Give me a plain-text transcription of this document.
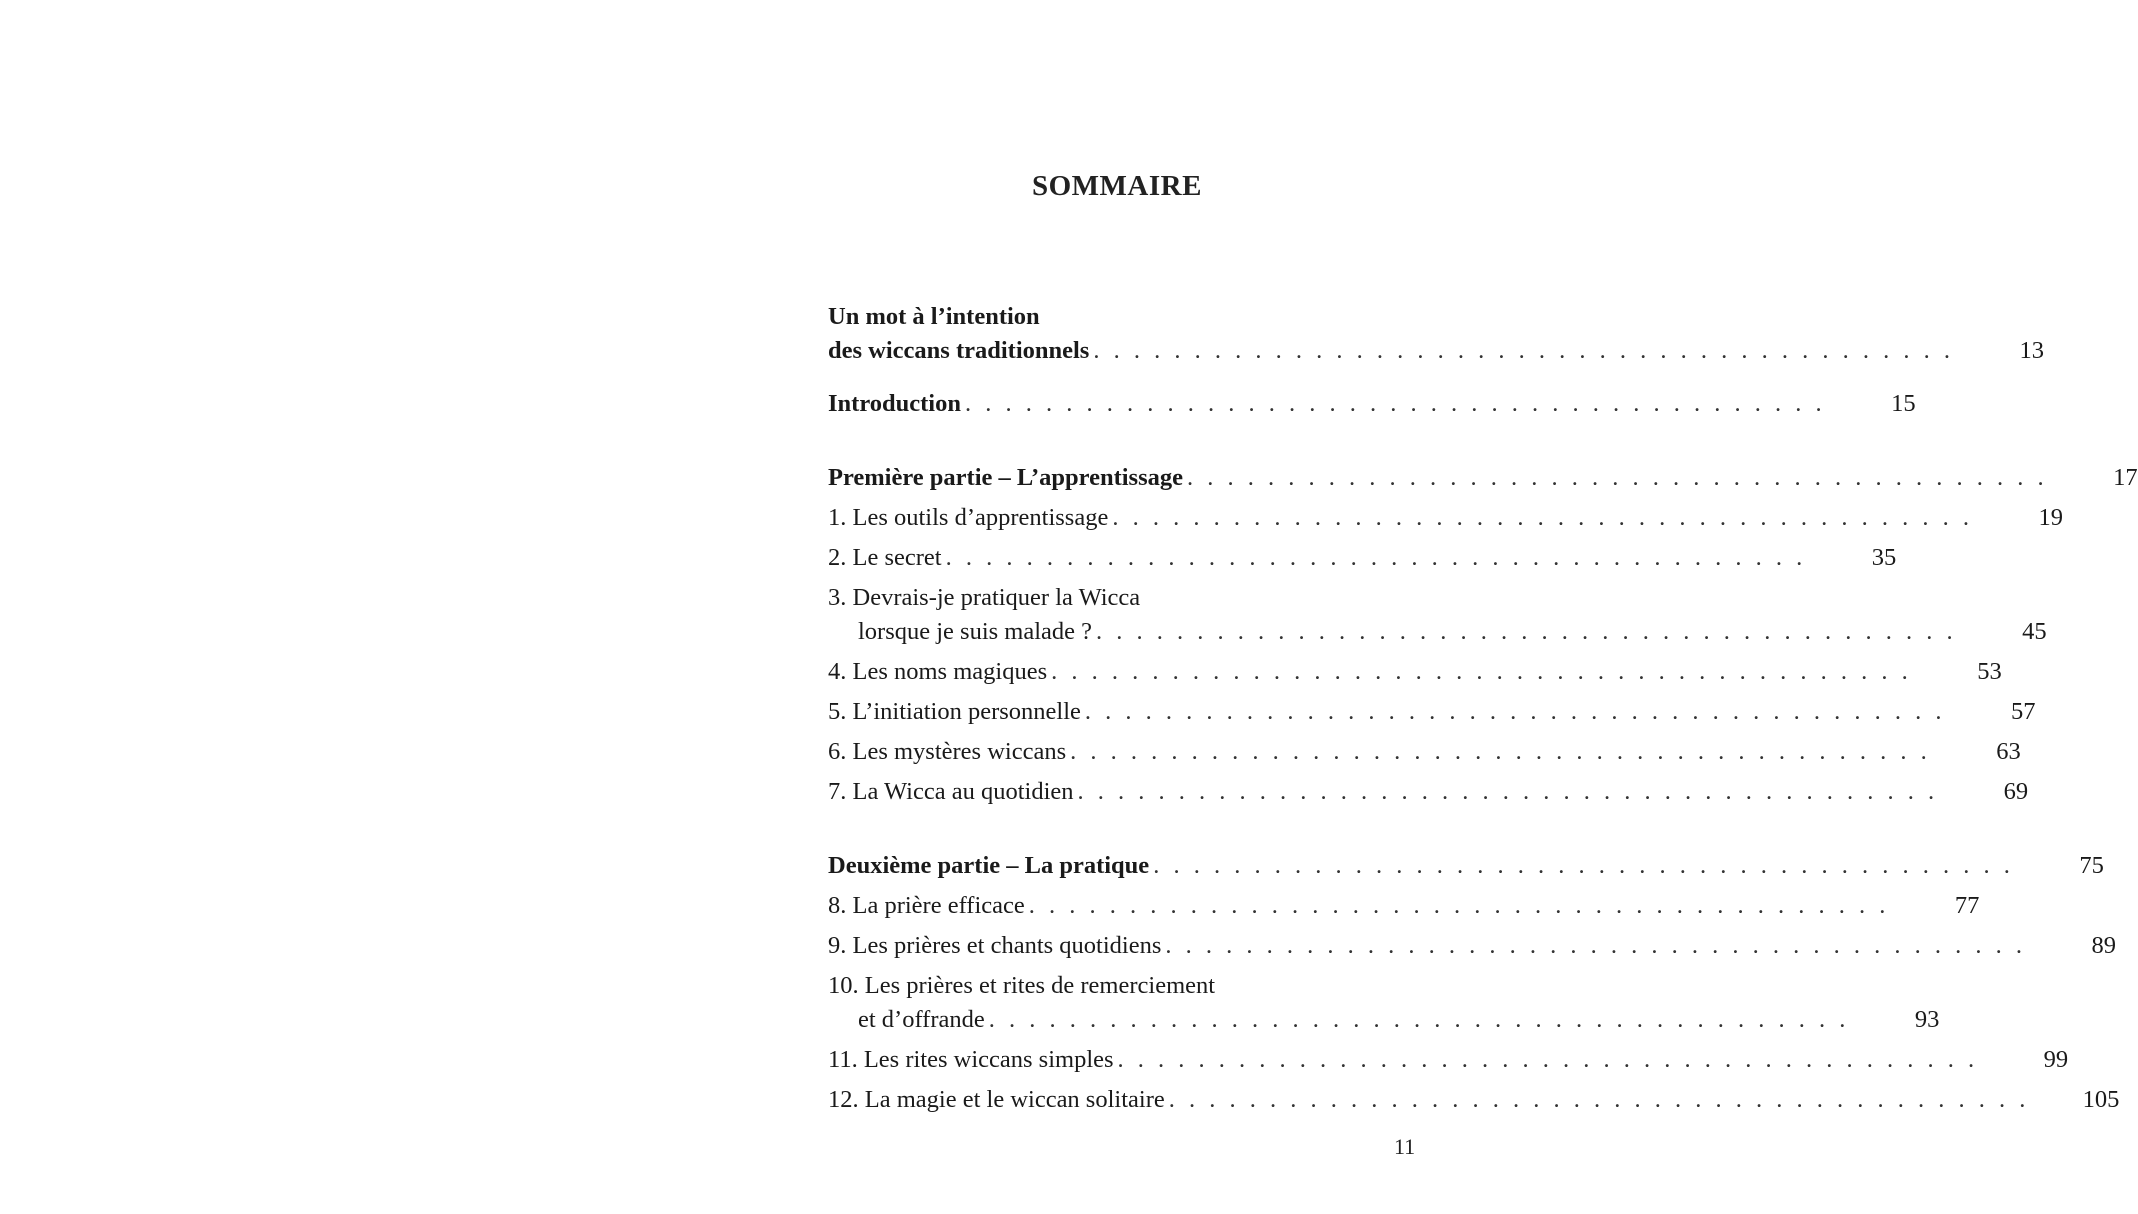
SOMMAIRE
Un mot à l’intention
des wiccans traditionnels . . . . . . . . . . . . . . . . . . . . . . . . . . . . . . . . . . . . . . . . . . .	13
Introduction . . . . . . . . . . . . . . . . . . . . . . . . . . . . . . . . . . . . . . . . . . .	15
Première partie – L’apprentissage . . . . . . . . . . . . . . . . . . . . . . . . . . . . . . . . . . . . . . . . . . .	17
1. Les outils d’apprentissage . . . . . . . . . . . . . . . . . . . . . . . . . . . . . . . . . . . . . . . . . . .	19
2. Le secret . . . . . . . . . . . . . . . . . . . . . . . . . . . . . . . . . . . . . . . . . . .	35
3. Devrais-je pratiquer la Wicca
lorsque je suis malade ? . . . . . . . . . . . . . . . . . . . . . . . . . . . . . . . . . . . . . . . . . . .	45
4. Les noms magiques . . . . . . . . . . . . . . . . . . . . . . . . . . . . . . . . . . . . . . . . . . .	53
5. L’initiation personnelle . . . . . . . . . . . . . . . . . . . . . . . . . . . . . . . . . . . . . . . . . . .	57
6. Les mystères wiccans . . . . . . . . . . . . . . . . . . . . . . . . . . . . . . . . . . . . . . . . . . .	63
7. La Wicca au quotidien . . . . . . . . . . . . . . . . . . . . . . . . . . . . . . . . . . . . . . . . . . .	69
Deuxième partie – La pratique . . . . . . . . . . . . . . . . . . . . . . . . . . . . . . . . . . . . . . . . . . .	75
8. La prière efficace . . . . . . . . . . . . . . . . . . . . . . . . . . . . . . . . . . . . . . . . . . .	77
9. Les prières et chants quotidiens . . . . . . . . . . . . . . . . . . . . . . . . . . . . . . . . . . . . . . . . . . .	89
10. Les prières et rites de remerciement
et d’offrande . . . . . . . . . . . . . . . . . . . . . . . . . . . . . . . . . . . . . . . . . . .	93
11. Les rites wiccans simples . . . . . . . . . . . . . . . . . . . . . . . . . . . . . . . . . . . . . . . . . . .	99
12. La magie et le wiccan solitaire . . . . . . . . . . . . . . . . . . . . . . . . . . . . . . . . . . . . . . . . . . .	105
11
